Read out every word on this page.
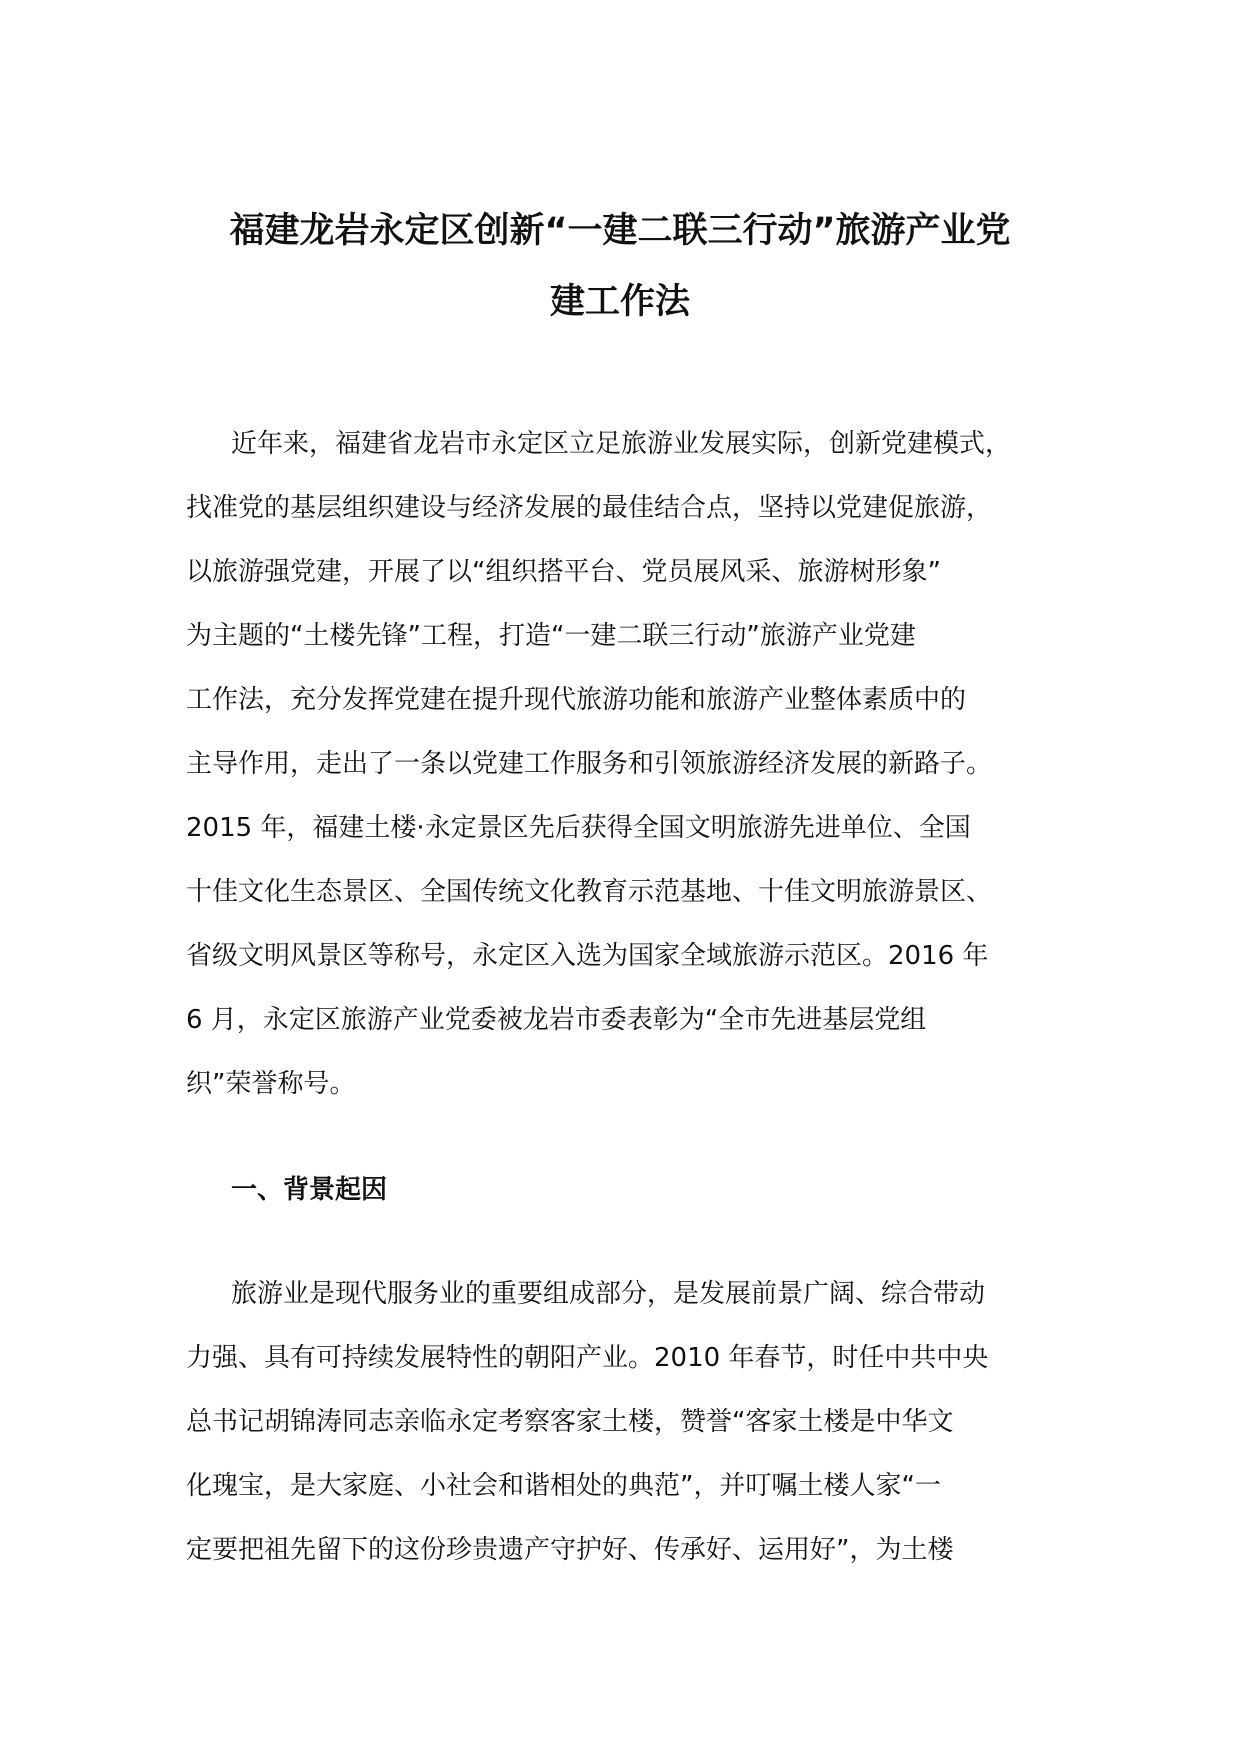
福建龙岩永定区创新“一建二联三行动”旅游产业党
建工作法

近年来，福建省龙岩市永定区立足旅游业发展实际，创新党建模式，
找准党的基层组织建设与经济发展的最佳结合点，坚持以党建促旅游，
以旅游强党建，开展了以“组织搭平台、党员展风采、旅游树形象”
为主题的“土楼先锋”工程，打造“一建二联三行动”旅游产业党建
工作法，充分发挥党建在提升现代旅游功能和旅游产业整体素质中的
主导作用，走出了一条以党建工作服务和引领旅游经济发展的新路子。
2015 年，福建土楼·永定景区先后获得全国文明旅游先进单位、全国
十佳文化生态景区、全国传统文化教育示范基地、十佳文明旅游景区、
省级文明风景区等称号，永定区入选为国家全域旅游示范区。2016 年
6 月，永定区旅游产业党委被龙岩市委表彰为“全市先进基层党组
织”荣誉称号。

一、背景起因

旅游业是现代服务业的重要组成部分，是发展前景广阔、综合带动
力强、具有可持续发展特性的朝阳产业。2010 年春节，时任中共中央
总书记胡锦涛同志亲临永定考察客家土楼，赞誉“客家土楼是中华文
化瑰宝，是大家庭、小社会和谐相处的典范”，并叮嘱土楼人家“一
定要把祖先留下的这份珍贵遗产守护好、传承好、运用好”，为土楼
